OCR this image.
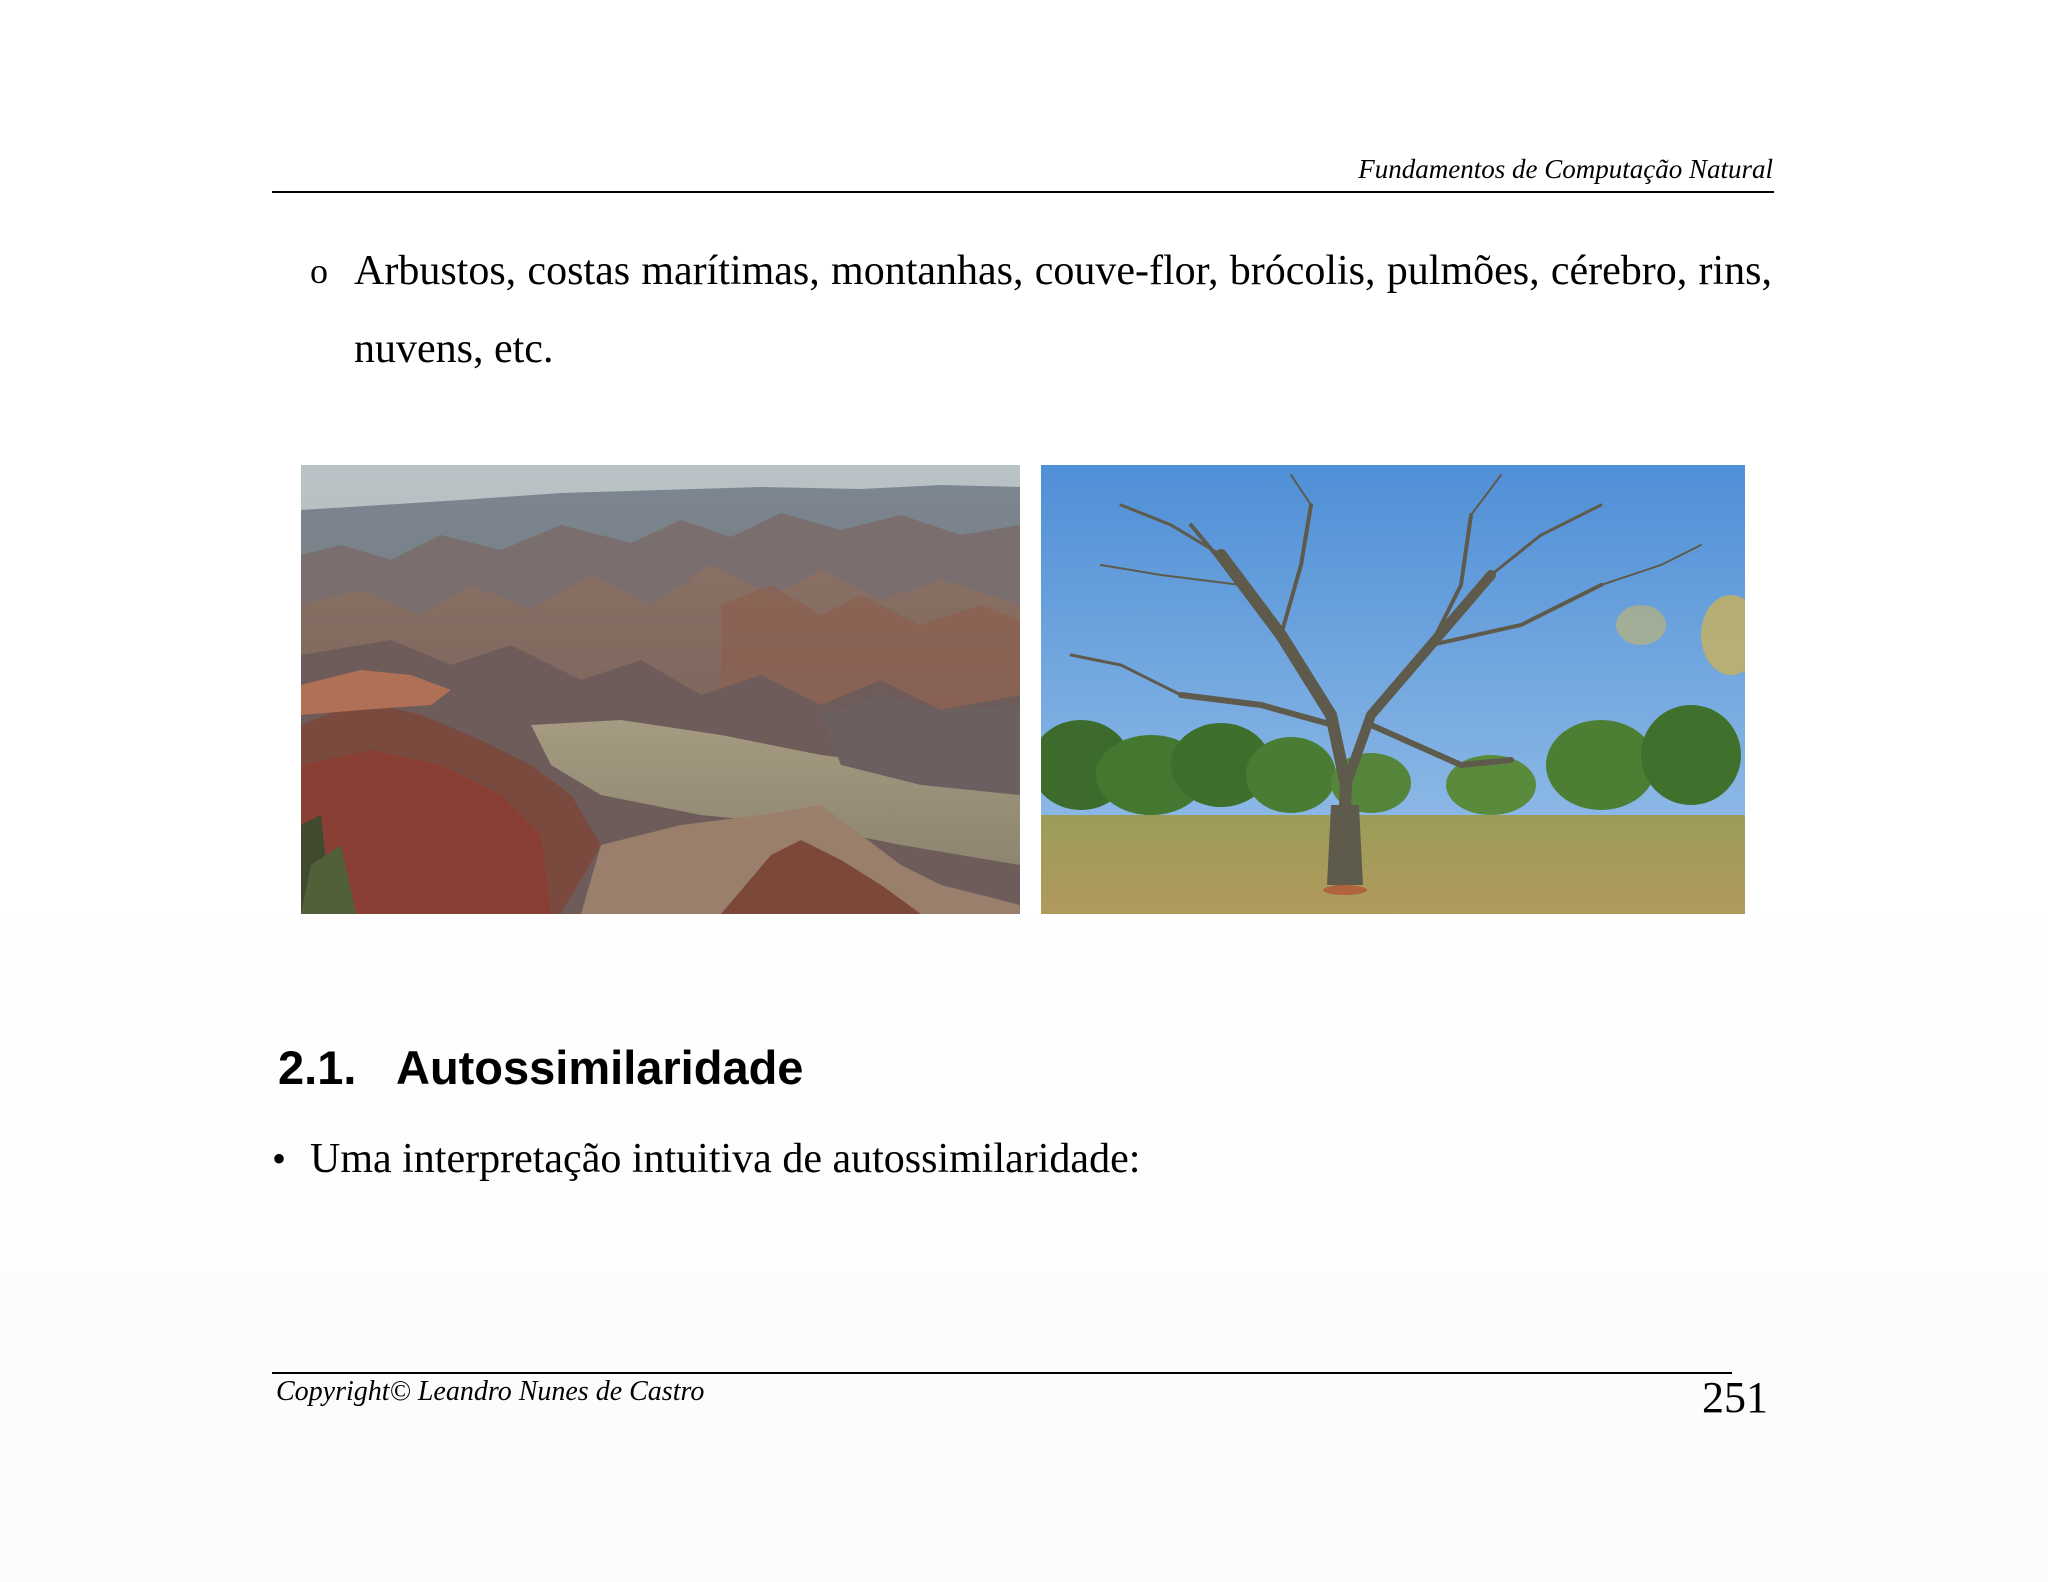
Fundamentos de Computação Natural
o Arbustos, costas marítimas, montanhas, couve-flor, brócolis, pulmões, cérebro, rins, nuvens, etc.
2.1. Autossimilaridade
• Uma interpretação intuitiva de autossimilaridade:
Copyright© Leandro Nunes de Castro	251
